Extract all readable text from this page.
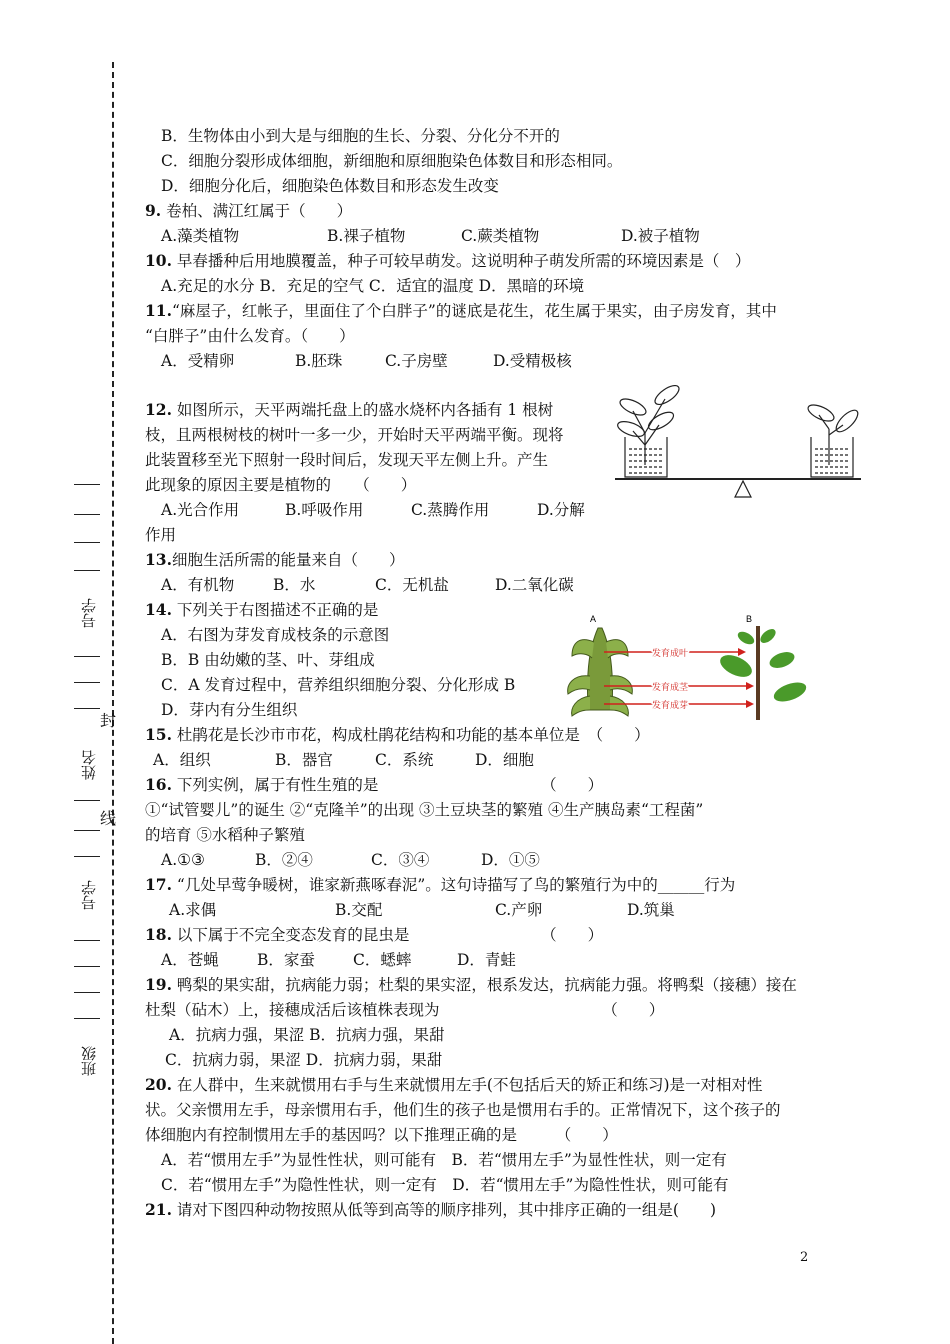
号学
封
姓名
线
号学
班级
B．生物体由小到大是与细胞的生长、分裂、分化分不开的
C．细胞分裂形成体细胞，新细胞和原细胞染色体数目和形态相同。
D．细胞分化后，细胞染色体数目和形态发生改变
9. 卷柏、满江红属于（　　）
A.藻类植物	B.裸子植物	C.蕨类植物	D.被子植物
10. 早春播种后用地膜覆盖，种子可较早萌发。这说明种子萌发所需的环境因素是（　）
A.充足的水分 B．充足的空气 C．适宜的温度 D．黑暗的环境
11.“麻屋子，红帐子，里面住了个白胖子”的谜底是花生，花生属于果实，由子房发育，其中
“白胖子”由什么发育。（　　）
A．受精卵	B.胚珠	C.子房壁	D.受精极核
12. 如图所示，天平两端托盘上的盛水烧杯内各插有 1 根树
枝，且两根树枝的树叶一多一少，开始时天平两端平衡。现将
此装置移至光下照射一段时间后，发现天平左侧上升。产生
此现象的原因主要是植物的　　（　　）
A.光合作用	B.呼吸作用	C.蒸腾作用	D.分解
作用
13.细胞生活所需的能量来自（　　）
A．有机物	B．水	C．无机盐	D.二氧化碳
14. 下列关于右图描述不正确的是
A．右图为芽发育成枝条的示意图
B．B 由幼嫩的茎、叶、芽组成
C．A 发育过程中，营养组织细胞分裂、分化形成 B
D．芽内有分生组织
15. 杜鹃花是长沙市市花，构成杜鹃花结构和功能的基本单位是　（　　）
A．组织	B．器官	C．系统	D．细胞
16. 下列实例，属于有性生殖的是　　　　　　　　　　　（　　）
①“试管婴儿”的诞生 ②“克隆羊”的出现 ③土豆块茎的繁殖 ④生产胰岛素“工程菌”
的培育 ⑤水稻种子繁殖
A.①③	B．②④	C．③④	D．①⑤
17. “几处早莺争暖树，谁家新燕啄春泥”。这句诗描写了鸟的繁殖行为中的______行为
A.求偶	B.交配	C.产卵	D.筑巢
18. 以下属于不完全变态发育的昆虫是　　　　　　　　　（　　）
A．苍蝇 B．家蚕 C．蟋蟀	D．青蛙
19. 鸭梨的果实甜，抗病能力弱；杜梨的果实涩，根系发达，抗病能力强。将鸭梨（接穗）接在
杜梨（砧木）上，接穗成活后该植株表现为　　　　　　　　　　　（　　）
A．抗病力强，果涩 B．抗病力强，果甜
C．抗病力弱，果涩 D．抗病力弱，果甜
20. 在人群中，生来就惯用右手与生来就惯用左手(不包括后天的矫正和练习)是一对相对性
状。父亲惯用左手，母亲惯用右手，他们生的孩子也是惯用右手的。正常情况下，这个孩子的
体细胞内有控制惯用左手的基因吗？以下推理正确的是　　　（　　）
A．若“惯用左手”为显性性状，则可能有　B．若“惯用左手”为显性性状，则一定有
C．若“惯用左手”为隐性性状，则一定有　D．若“惯用左手”为隐性性状，则可能有
21. 请对下图四种动物按照从低等到高等的顺序排列，其中排序正确的一组是(　　)
A	B
发育成叶
发育成茎
发育成芽
2
